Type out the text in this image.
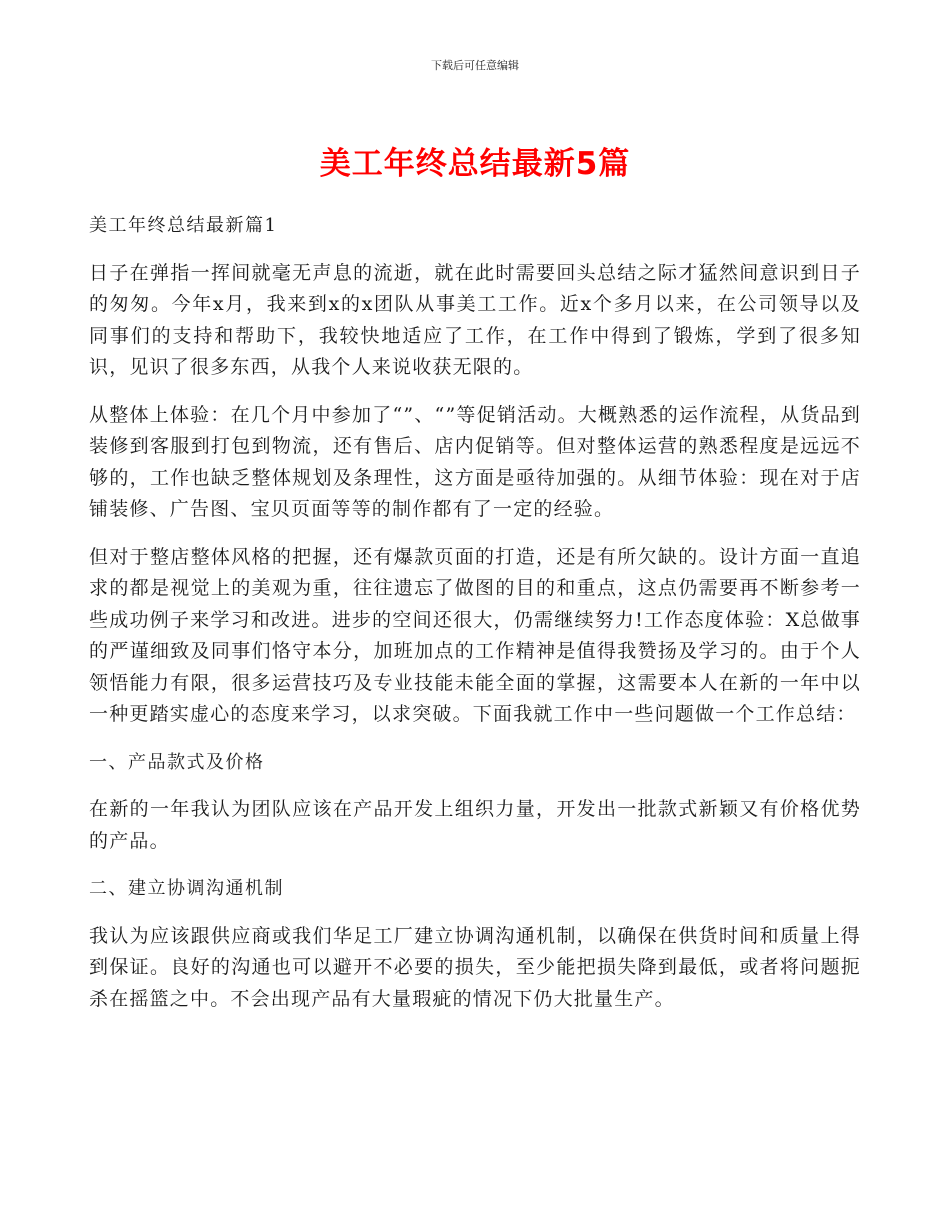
下载后可任意编辑
美工年终总结最新5篇

美工年终总结最新篇1

日子在弹指一挥间就毫无声息的流逝，就在此时需要回头总结之际才猛然间意识到日子的匆匆。今年x月，我来到x的x团队从事美工工作。近x个多月以来，在公司领导以及同事们的支持和帮助下，我较快地适应了工作，在工作中得到了锻炼，学到了很多知识，见识了很多东西，从我个人来说收获无限的。

从整体上体验：在几个月中参加了“”、“”等促销活动。大概熟悉的运作流程，从货品到装修到客服到打包到物流，还有售后、店内促销等。但对整体运营的熟悉程度是远远不够的，工作也缺乏整体规划及条理性，这方面是亟待加强的。从细节体验：现在对于店铺装修、广告图、宝贝页面等等的制作都有了一定的经验。

但对于整店整体风格的把握，还有爆款页面的打造，还是有所欠缺的。设计方面一直追求的都是视觉上的美观为重，往往遗忘了做图的目的和重点，这点仍需要再不断参考一些成功例子来学习和改进。进步的空间还很大，仍需继续努力!工作态度体验：X总做事的严谨细致及同事们恪守本分，加班加点的工作精神是值得我赞扬及学习的。由于个人领悟能力有限，很多运营技巧及专业技能未能全面的掌握，这需要本人在新的一年中以一种更踏实虚心的态度来学习，以求突破。下面我就工作中一些问题做一个工作总结：

一、产品款式及价格

在新的一年我认为团队应该在产品开发上组织力量，开发出一批款式新颖又有价格优势的产品。

二、建立协调沟通机制

我认为应该跟供应商或我们华足工厂建立协调沟通机制，以确保在供货时间和质量上得到保证。良好的沟通也可以避开不必要的损失，至少能把损失降到最低，或者将问题扼杀在摇篮之中。不会出现产品有大量瑕疵的情况下仍大批量生产。
